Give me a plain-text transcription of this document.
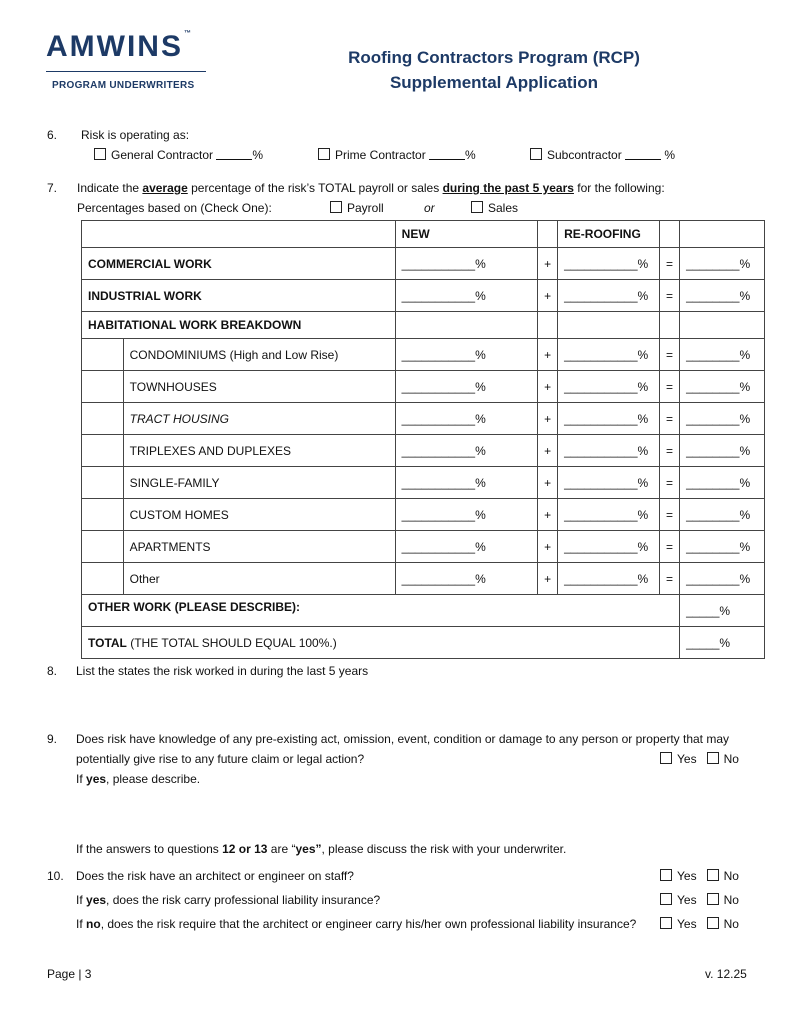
AMWINS™
PROGRAM UNDERWRITERS
Roofing Contractors Program (RCP)
Supplemental Application
6. Risk is operating as:
General Contractor	%	Prime Contractor	%	Subcontractor	%
7. Indicate the average percentage of the risk’s TOTAL payroll or sales during the past 5 years for the following:
Percentages based on (Check One):	Payroll	or	Sales
		NEW		RE-ROOFING		
COMMERCIAL WORK		___________%	+	___________%	=	________%
INDUSTRIAL WORK		___________%	+	___________%	=	________%
HABITATIONAL WORK BREAKDOWN						
	CONDOMINIUMS (High and Low Rise)	___________%	+	___________%	=	________%
	TOWNHOUSES	___________%	+	___________%	=	________%
	TRACT HOUSING	___________%	+	___________%	=	________%
	TRIPLEXES AND DUPLEXES	___________%	+	___________%	=	________%
	SINGLE-FAMILY	___________%	+	___________%	=	________%
	CUSTOM HOMES	___________%	+	___________%	=	________%
	APARTMENTS	___________%	+	___________%	=	________%
	Other	___________%	+	___________%	=	________%
OTHER WORK (PLEASE DESCRIBE):						_____%
TOTAL (THE TOTAL SHOULD EQUAL 100%.)						_____%
8. List the states the risk worked in during the last 5 years
9. Does risk have knowledge of any pre-existing act, omission, event, condition or damage to any person or property that may
potentially give rise to any future claim or legal action?	Yes No
If yes, please describe.
If the answers to questions 12 or 13 are “yes”, please discuss the risk with your underwriter.
10. Does the risk have an architect or engineer on staff?	Yes No
If yes, does the risk carry professional liability insurance?	Yes No
If no, does the risk require that the architect or engineer carry his/her own professional liability insurance?	Yes No
Page | 3	v. 12.25
